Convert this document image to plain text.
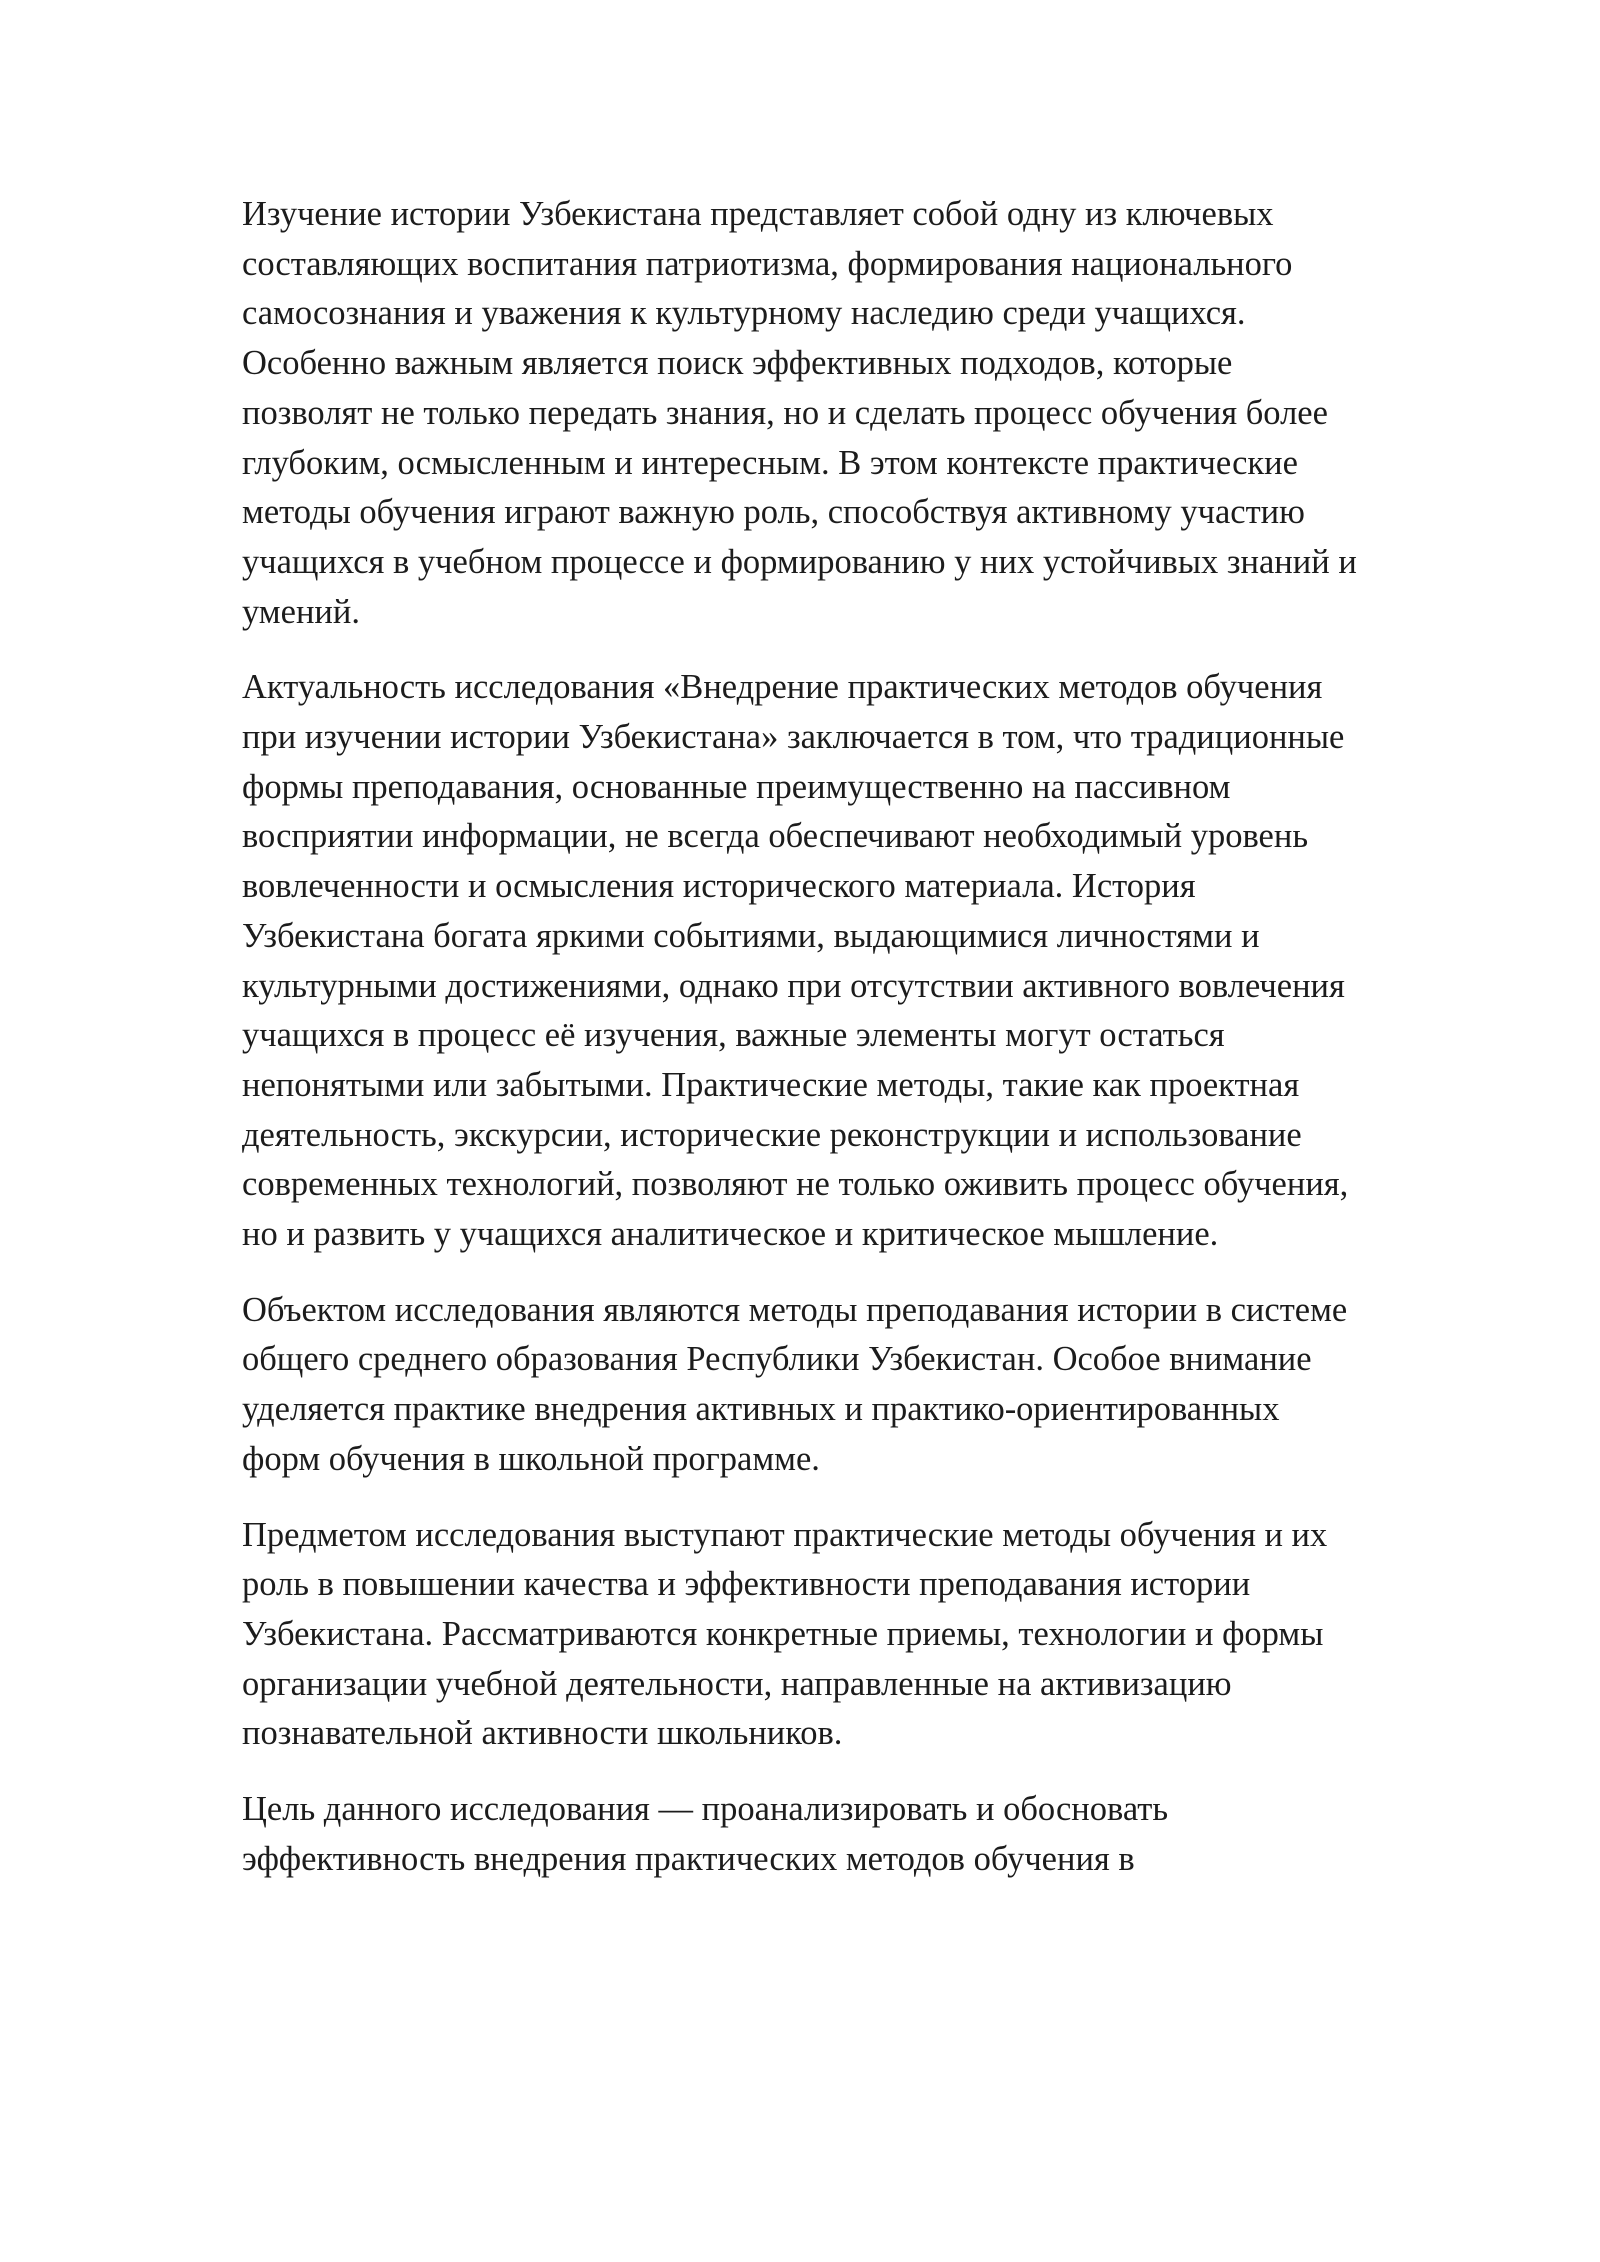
Изучение истории Узбекистана представляет собой одну из ключевых составляющих воспитания патриотизма, формирования национального самосознания и уважения к культурному наследию среди учащихся. Особенно важным является поиск эффективных подходов, которые позволят не только передать знания, но и сделать процесс обучения более глубоким, осмысленным и интересным. В этом контексте практические методы обучения играют важную роль, способствуя активному участию учащихся в учебном процессе и формированию у них устойчивых знаний и умений.

Актуальность исследования «Внедрение практических методов обучения при изучении истории Узбекистана» заключается в том, что традиционные формы преподавания, основанные преимущественно на пассивном восприятии информации, не всегда обеспечивают необходимый уровень вовлеченности и осмысления исторического материала. История Узбекистана богата яркими событиями, выдающимися личностями и культурными достижениями, однако при отсутствии активного вовлечения учащихся в процесс её изучения, важные элементы могут остаться непонятыми или забытыми. Практические методы, такие как проектная деятельность, экскурсии, исторические реконструкции и использование современных технологий, позволяют не только оживить процесс обучения, но и развить у учащихся аналитическое и критическое мышление.

Объектом исследования являются методы преподавания истории в системе общего среднего образования Республики Узбекистан. Особое внимание уделяется практике внедрения активных и практико-ориентированных форм обучения в школьной программе.

Предметом исследования выступают практические методы обучения и их роль в повышении качества и эффективности преподавания истории Узбекистана. Рассматриваются конкретные приемы, технологии и формы организации учебной деятельности, направленные на активизацию познавательной активности школьников.

Цель данного исследования — проанализировать и обосновать эффективность внедрения практических методов обучения в
